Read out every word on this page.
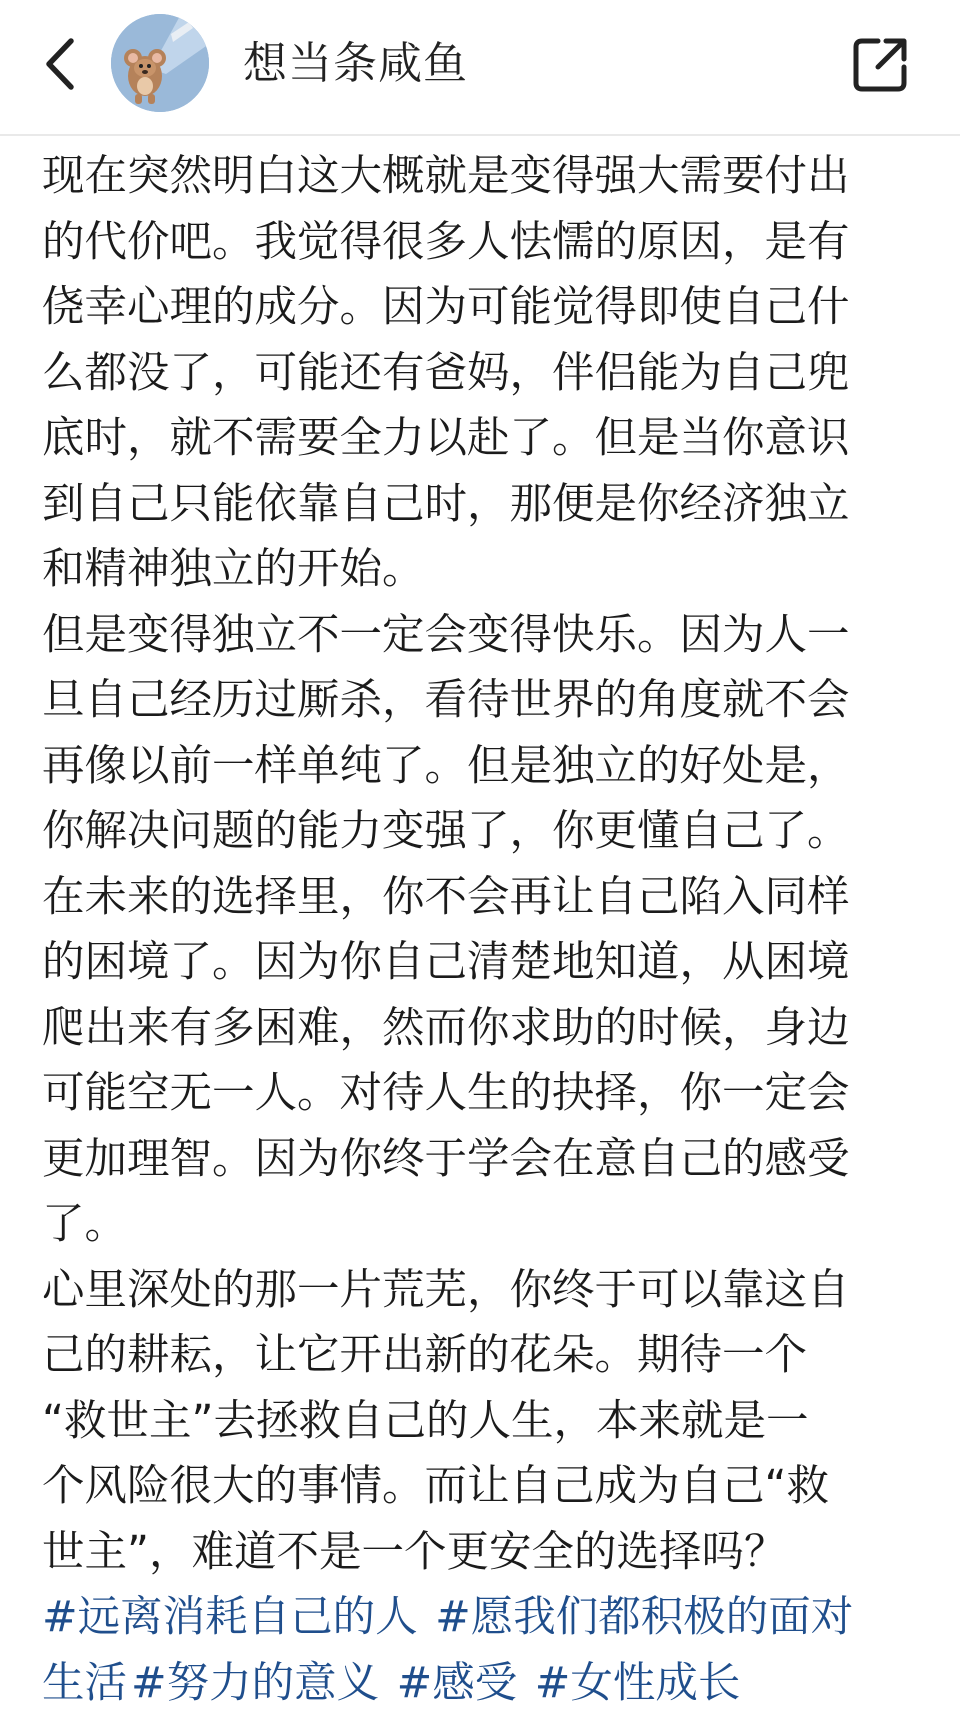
想当条咸鱼
现在突然明白这大概就是变得强大需要付出
的代价吧。我觉得很多人怯懦的原因，是有
侥幸心理的成分。因为可能觉得即使自己什
么都没了，可能还有爸妈，伴侣能为自己兜
底时，就不需要全力以赴了。但是当你意识
到自己只能依靠自己时，那便是你经济独立
和精神独立的开始。
但是变得独立不一定会变得快乐。因为人一
旦自己经历过厮杀，看待世界的角度就不会
再像以前一样单纯了。但是独立的好处是，
你解决问题的能力变强了，你更懂自己了。
在未来的选择里，你不会再让自己陷入同样
的困境了。因为你自己清楚地知道，从困境
爬出来有多困难，然而你求助的时候，身边
可能空无一人。对待人生的抉择，你一定会
更加理智。因为你终于学会在意自己的感受
了。
心里深处的那一片荒芜，你终于可以靠这自
己的耕耘，让它开出新的花朵。期待一个
“救世主”去拯救自己的人生，本来就是一
个风险很大的事情。而让自己成为自己“救
世主”，难道不是一个更安全的选择吗？
#远离消耗自己的人 #愿我们都积极的面对
生活#努力的意义 #感受 #女性成长
